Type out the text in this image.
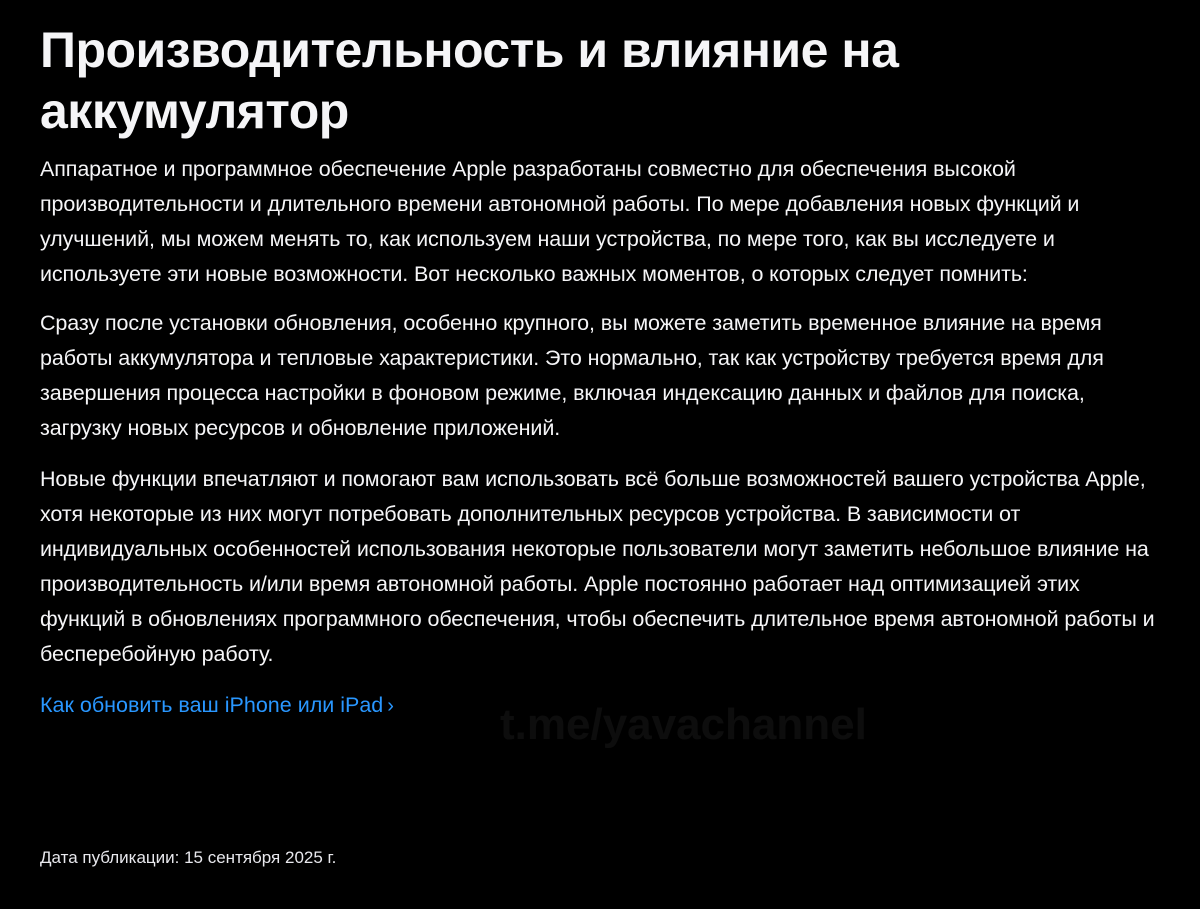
Производительность и влияние на аккумулятор

Аппаратное и программное обеспечение Apple разработаны совместно для обеспечения высокой производительности и длительного времени автономной работы. По мере добавления новых функций и улучшений, мы можем менять то, как используем наши устройства, по мере того, как вы исследуете и используете эти новые возможности. Вот несколько важных моментов, о которых следует помнить:

Сразу после установки обновления, особенно крупного, вы можете заметить временное влияние на время работы аккумулятора и тепловые характеристики. Это нормально, так как устройству требуется время для завершения процесса настройки в фоновом режиме, включая индексацию данных и файлов для поиска, загрузку новых ресурсов и обновление приложений.

Новые функции впечатляют и помогают вам использовать всё больше возможностей вашего устройства Apple, хотя некоторые из них могут потребовать дополнительных ресурсов устройства. В зависимости от индивидуальных особенностей использования некоторые пользователи могут заметить небольшое влияние на производительность и/или время автономной работы. Apple постоянно работает над оптимизацией этих функций в обновлениях программного обеспечения, чтобы обеспечить длительное время автономной работы и бесперебойную работу.

Как обновить ваш iPhone или iPad ›	t.me/yavachannel

Дата публикации: 15 сентября 2025 г.
